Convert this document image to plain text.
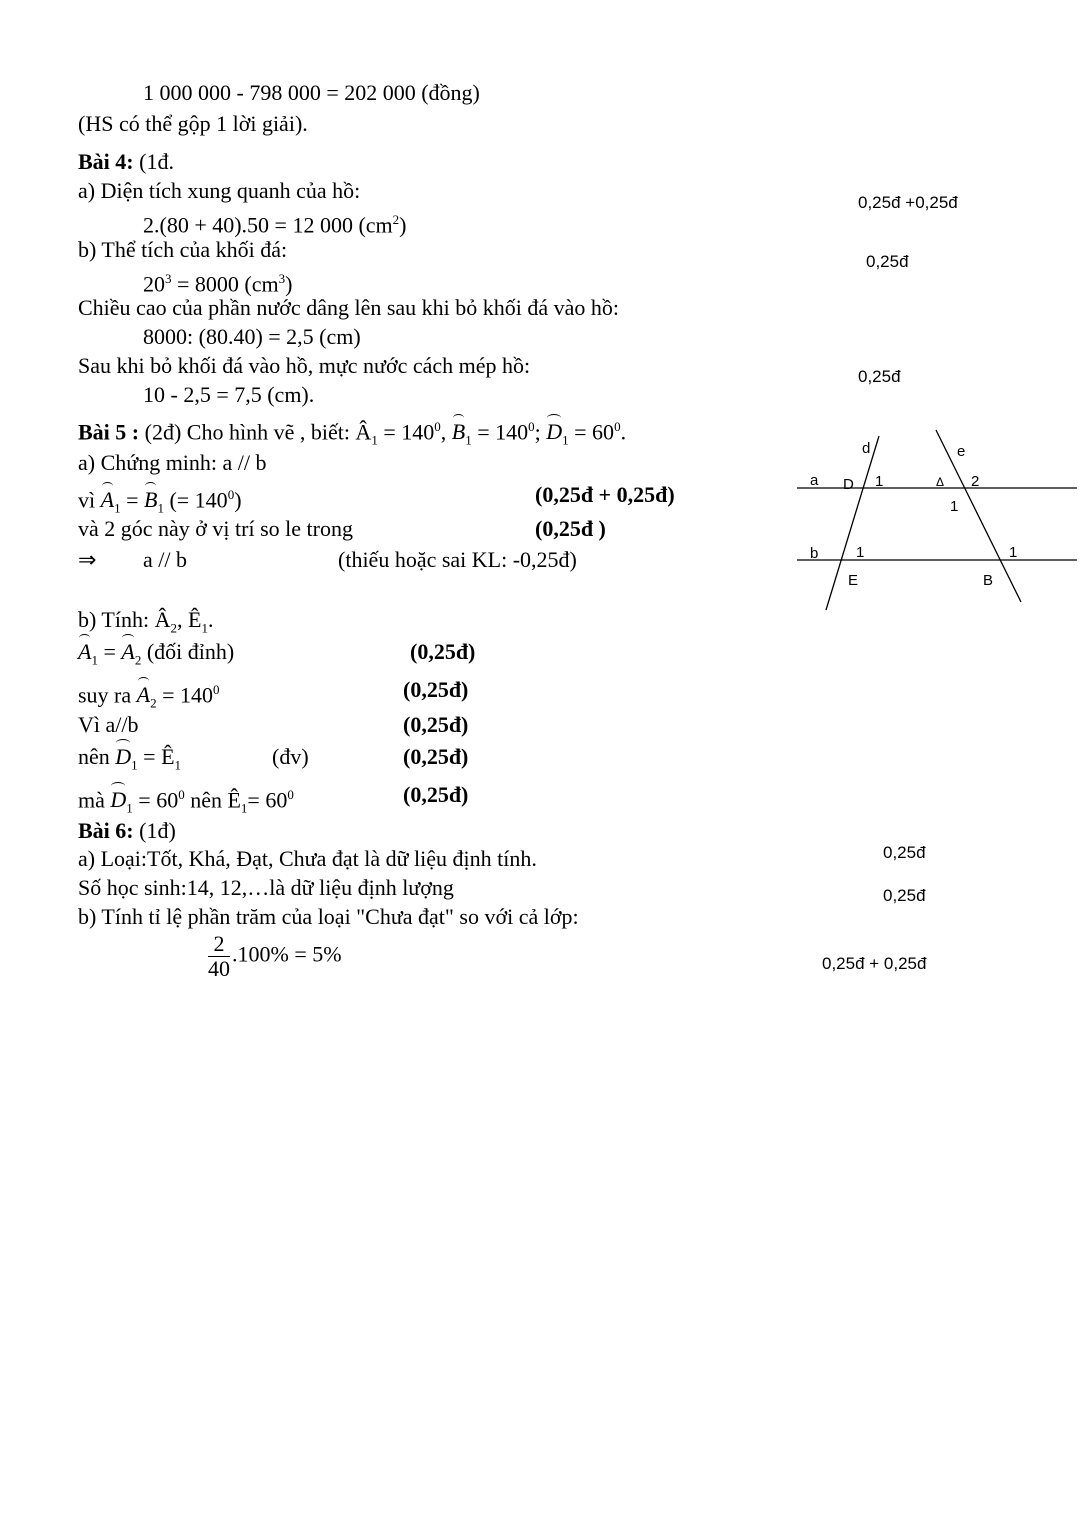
1 000 000 - 798 000 = 202 000 (đồng)
(HS có thể gộp 1 lời giải).
Bài 4: (1đ.
a) Diện tích xung quanh của hồ:
2.(80 + 40).50 = 12 000 $(cm^2)$
b) Thể tích của khối đá:
$20^3 = 8000$ $(cm^3)$
Chiều cao của phần nước dâng lên sau khi bỏ khối đá vào hồ:
8000: (80.40) = 2,5 (cm)
Sau khi bỏ khối đá vào hồ, mực nước cách mép hồ:
10 - 2,5 = 7,5 (cm).
Bài 5 : (2đ) Cho hình vẽ , biết: $Â_1 = 140^0$, $B_1 = 140^0$; $D_1 = 60^0$.
a) Chứng minh: a // b
vì $A_1 = B_1$ (= $140^0$)	(0,25đ + 0,25đ)
và 2 góc này ở vị trí so le trong	(0,25đ )
⇒ a // b	(thiếu hoặc sai KL: -0,25đ)
b) Tính: $Â_2$, $Ê_1$.
$A_1 = A_2$ (đối đỉnh)	(0,25đ)
suy ra $A_2 = 140^0$	(0,25đ)
Vì a//b	(0,25đ)
nên $D_1$ = $Ê_1$	(đv)	(0,25đ)
mà $D_1 = 60^0$ nên $Ê_1= 60^0$	(0,25đ)
Bài 6: (1đ)
a) Loại:Tốt, Khá, Đạt, Chưa đạt là dữ liệu định tính.
Số học sinh:14, 12,…là dữ liệu định lượng
b) Tính tỉ lệ phần trăm của loại "Chưa đạt" so với cả lớp:
$\frac{2}{40} .100\% = 5\%$
0,25đ +0,25đ
0,25đ
0,25đ
0,25đ
0,25đ
0,25đ + 0,25đ
d	e
a D 1	Δ 2
1
b	1
E
1
B
